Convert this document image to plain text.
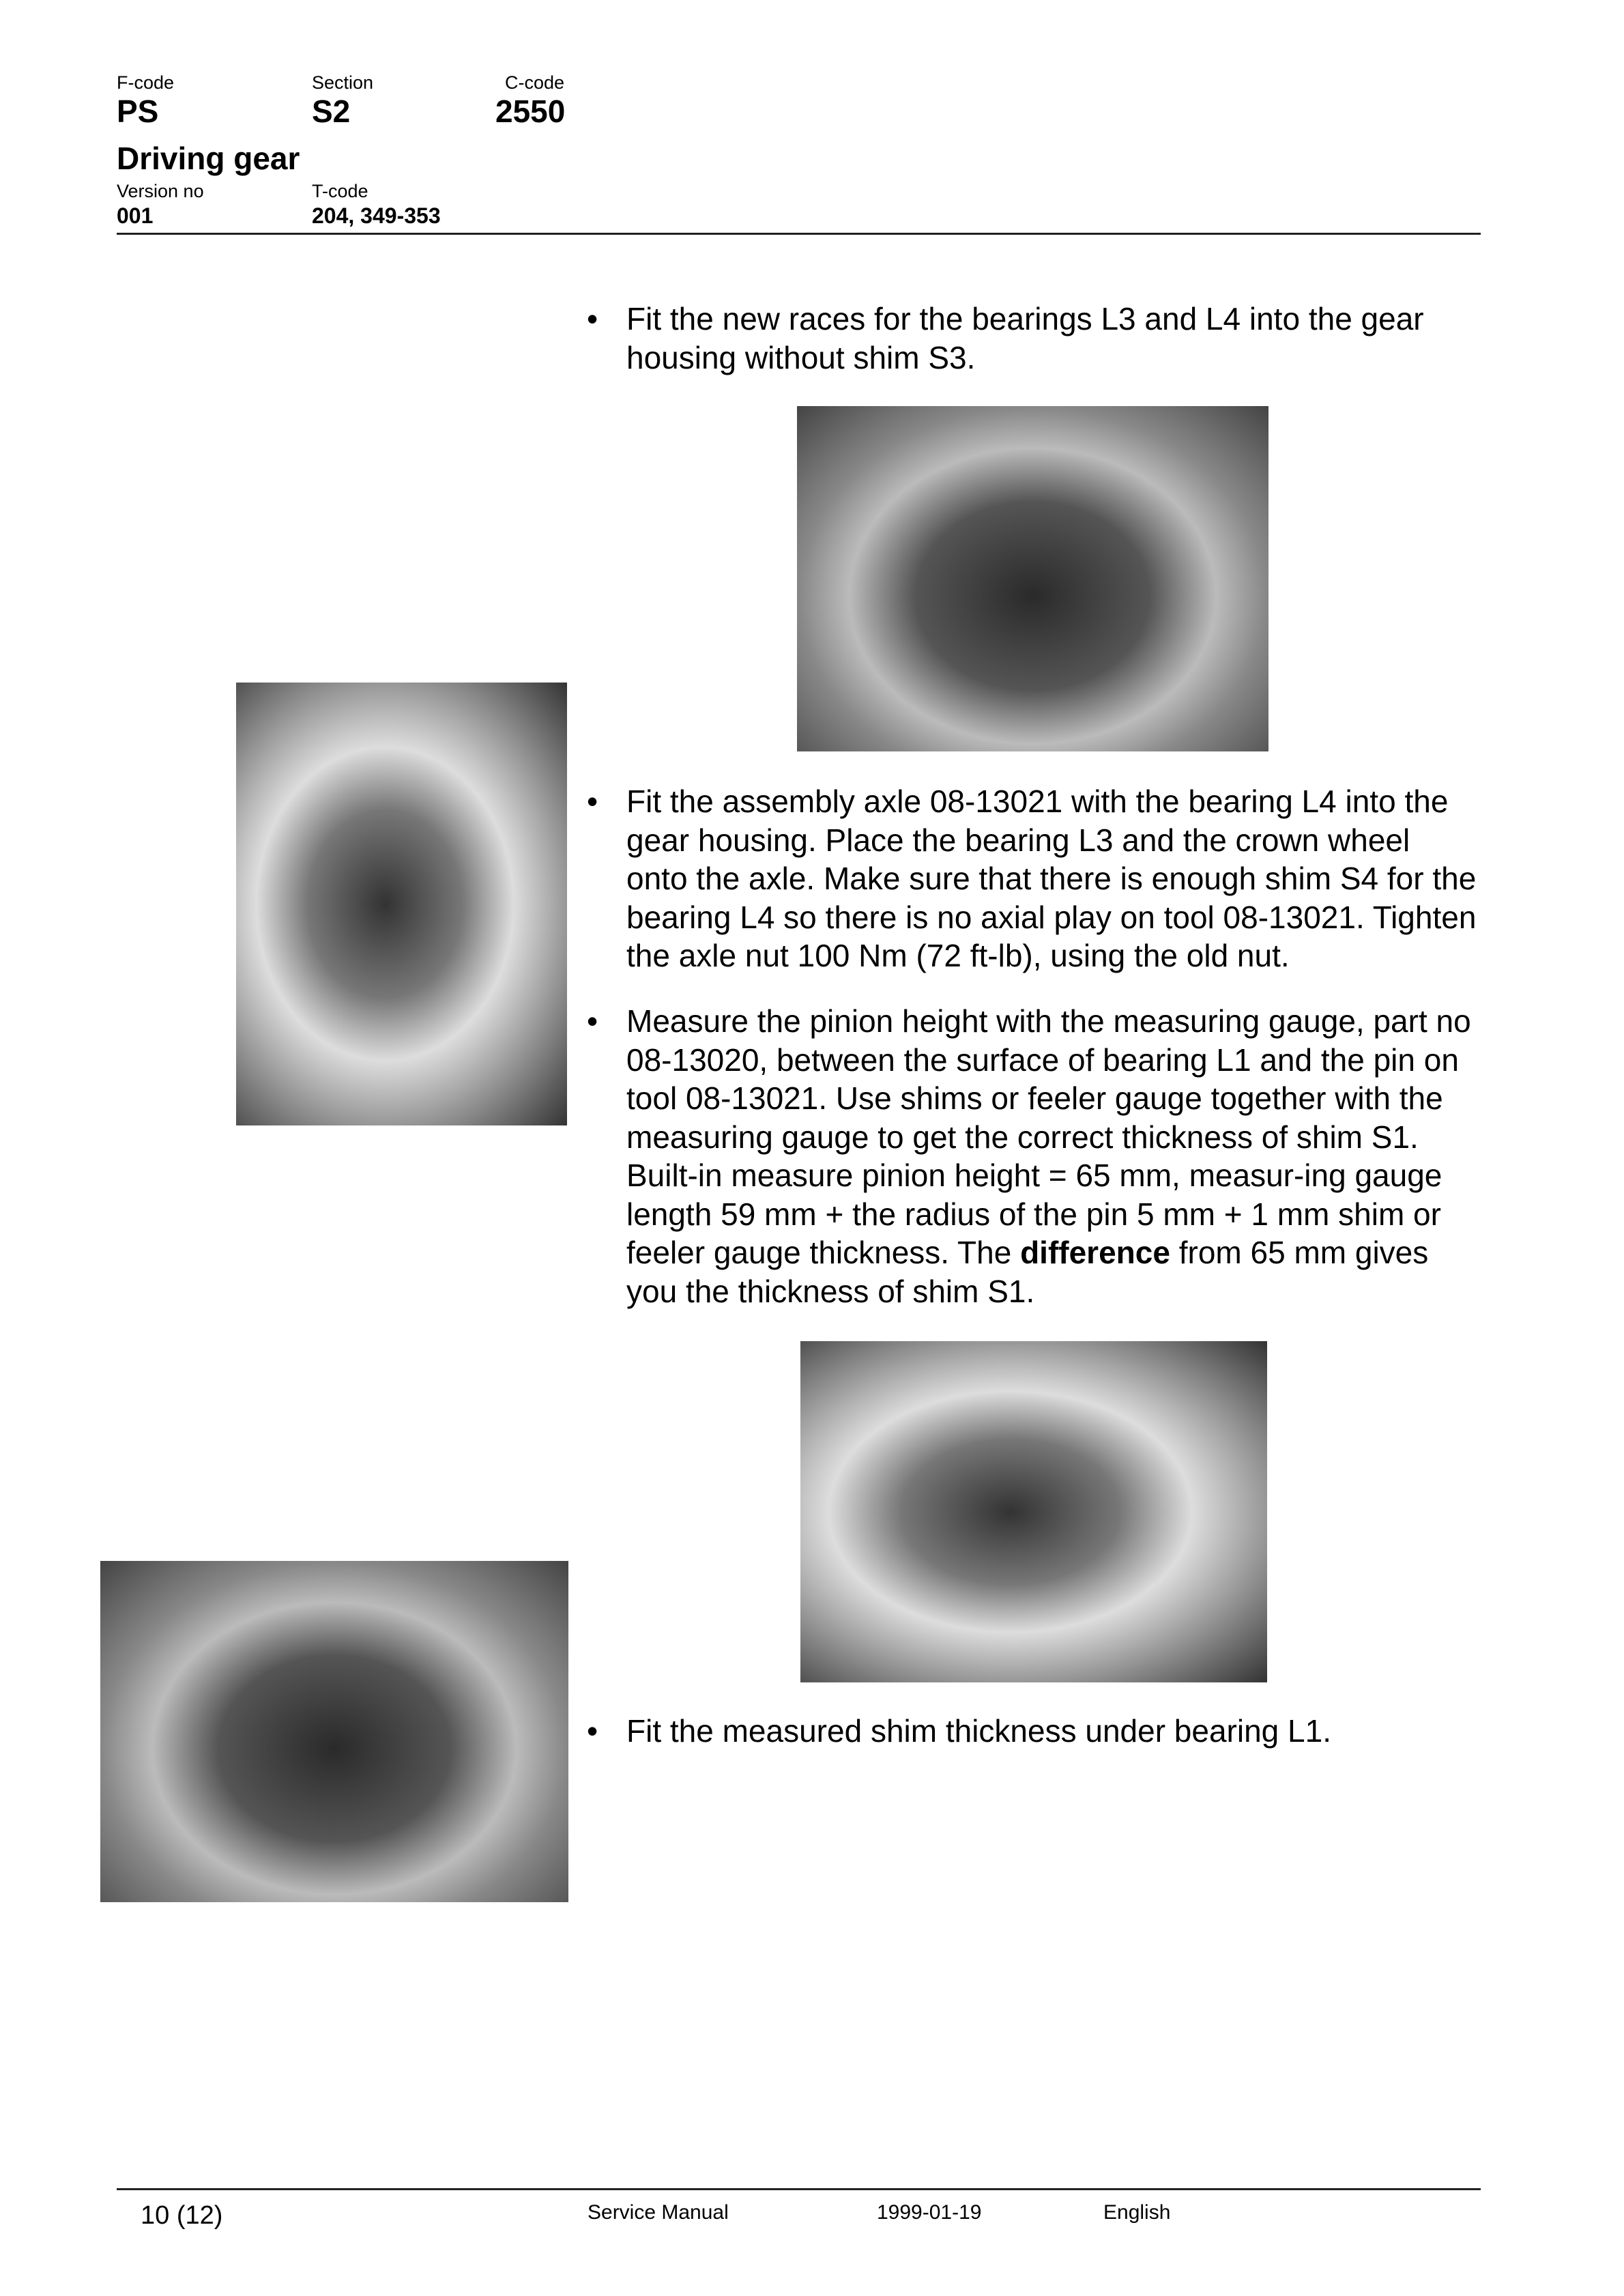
F-code	Section	C-code
PS	S2	2550
Driving gear
Version no	T-code
001	204, 349-353
• Fit the new races for the bearings L3 and L4 into the gear housing without shim S3.
• Fit the assembly axle 08-13021 with the bearing L4 into the gear housing. Place the bearing L3 and the crown wheel onto the axle. Make sure that there is enough shim S4 for the bearing L4 so there is no axial play on tool 08-13021. Tighten the axle nut 100 Nm (72 ft-lb), using the old nut.
• Measure the pinion height with the measuring gauge, part no 08-13020, between the surface of bearing L1 and the pin on tool 08-13021. Use shims or feeler gauge together with the measuring gauge to get the correct thickness of shim S1. Built-in measure pinion height = 65 mm, measur-ing gauge length 59 mm + the radius of the pin 5 mm + 1 mm shim or feeler gauge thickness. The difference from 65 mm gives you the thickness of shim S1.
• Fit the measured shim thickness under bearing L1.
10 (12)	Service Manual	1999-01-19	English
